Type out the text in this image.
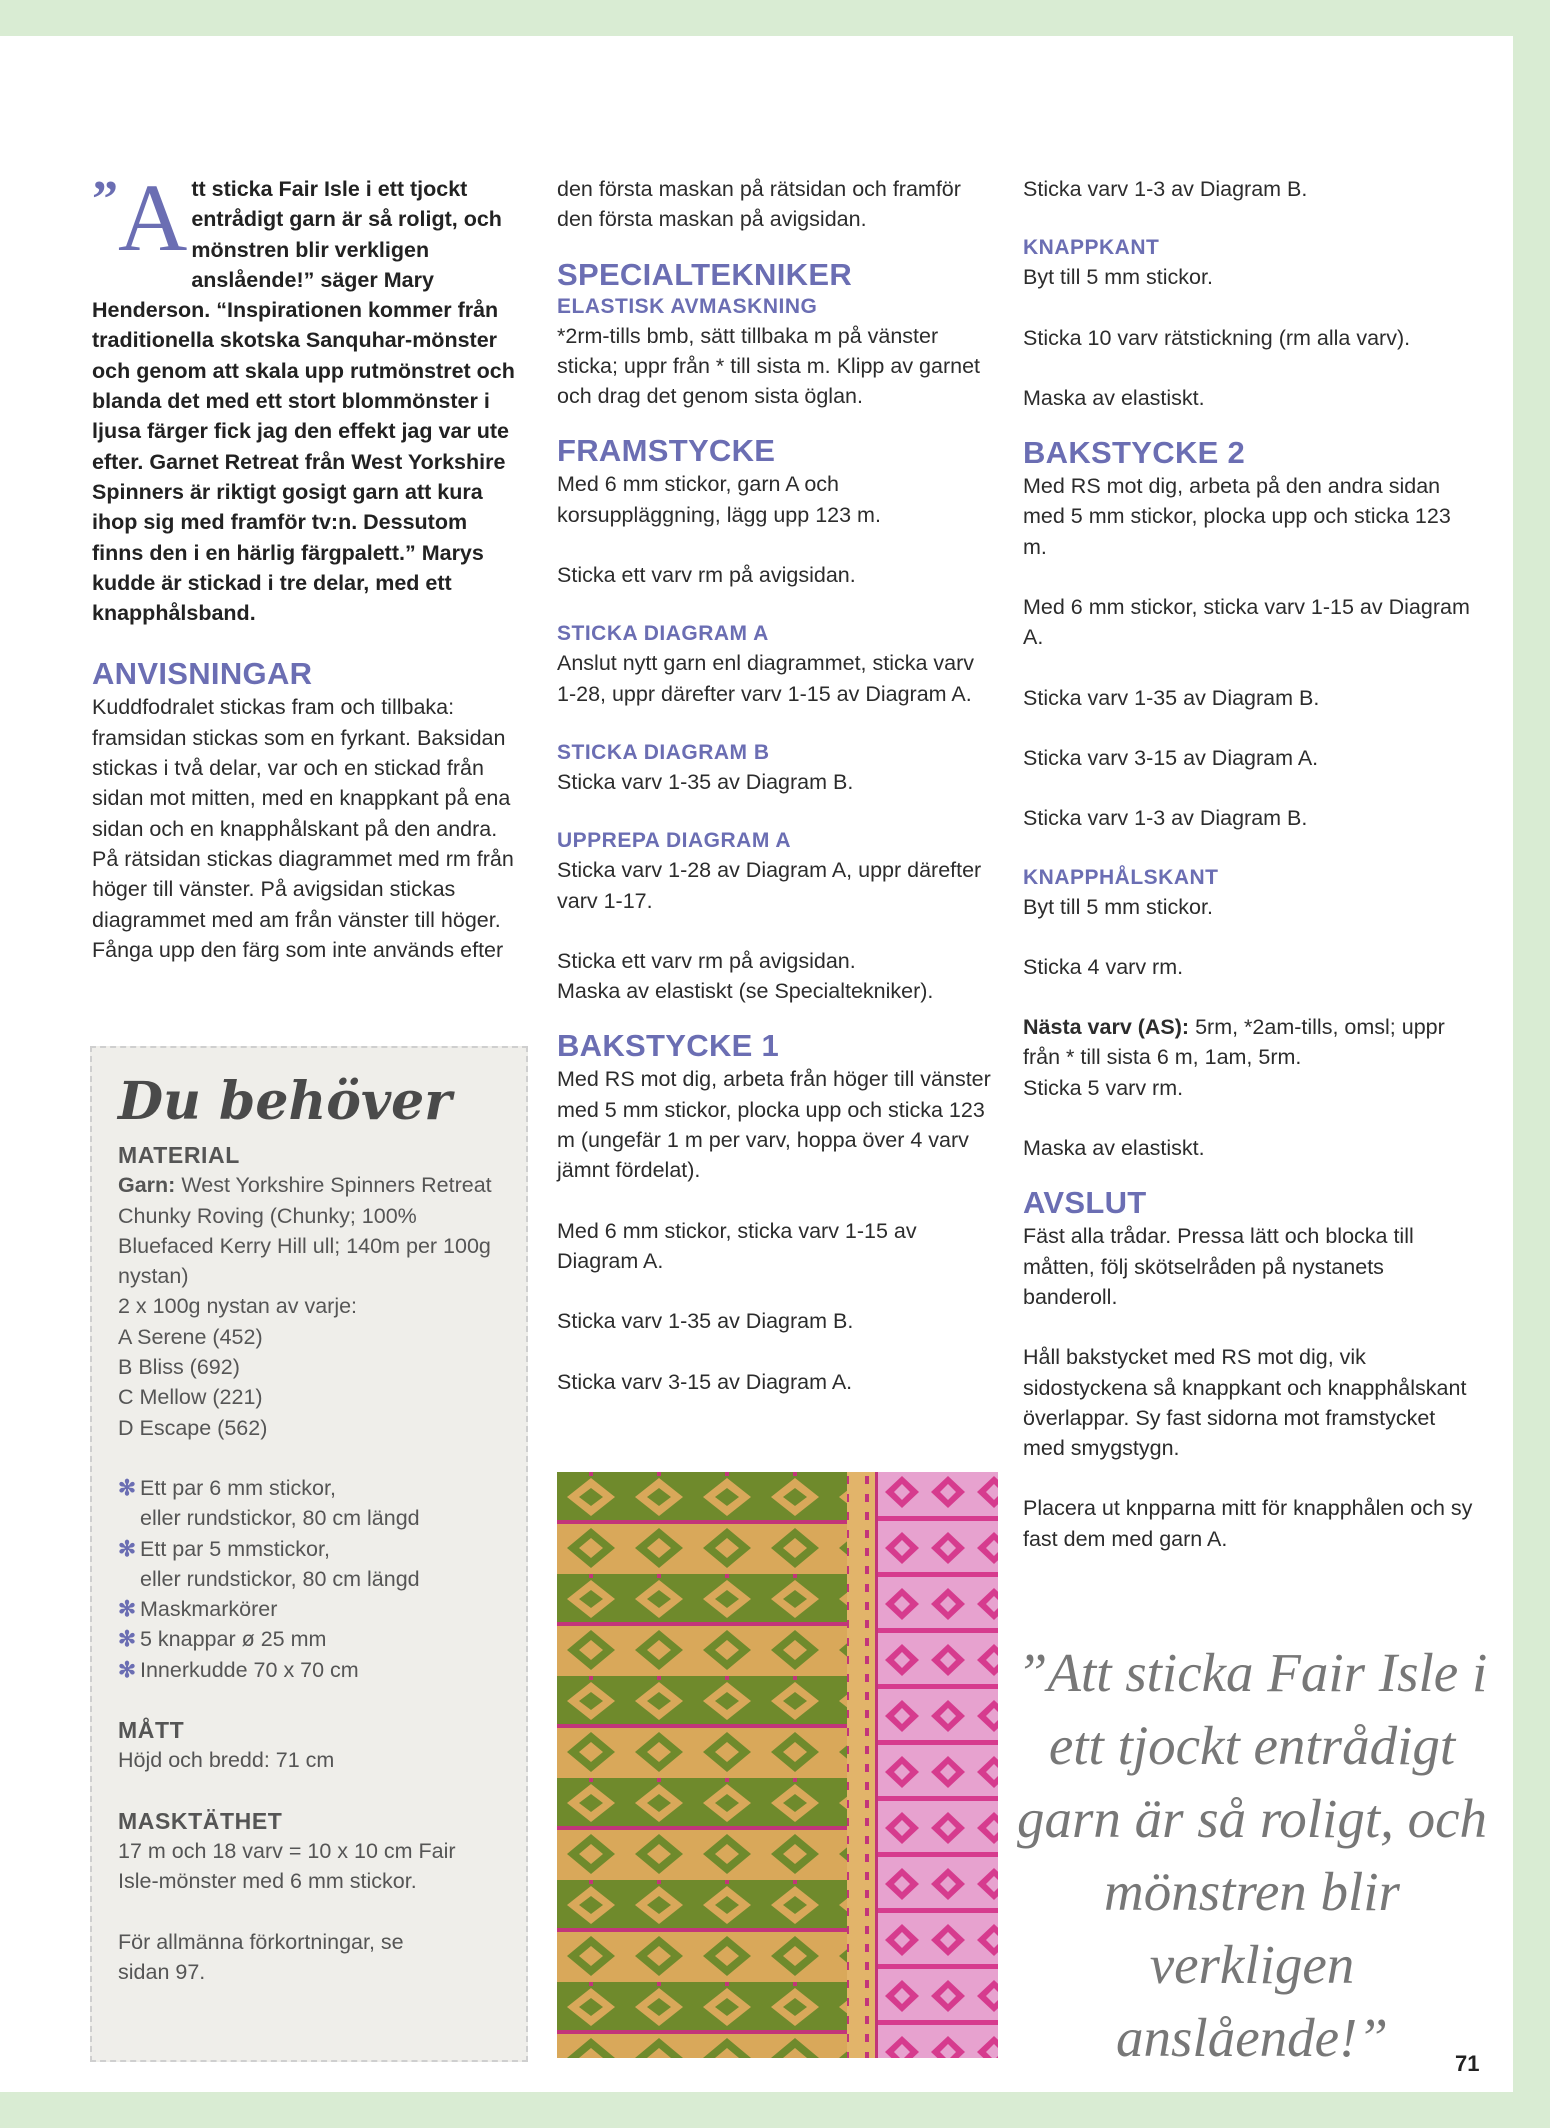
”A tt sticka Fair Isle i ett tjockt entrådigt garn är så roligt, och mönstren blir verkligen anslående!” säger Mary Henderson. “Inspirationen kommer från traditionella skotska Sanquhar-mönster och genom att skala upp rutmönstret och blanda det med ett stort blommönster i ljusa färger fick jag den effekt jag var ute efter. Garnet Retreat från West Yorkshire Spinners är riktigt gosigt garn att kura ihop sig med framför tv:n. Dessutom finns den i en härlig färgpalett.” Marys kudde är stickad i tre delar, med ett knapphålsband.
ANVISNINGAR

Kuddfodralet stickas fram och tillbaka: framsidan stickas som en fyrkant. Baksidan stickas i två delar, var och en stickad från sidan mot mitten, med en knappkant på ena sidan och en knapphålskant på den andra. På rätsidan stickas diagrammet med rm från höger till vänster. På avigsidan stickas diagrammet med am från vänster till höger. Fånga upp den färg som inte används efter

Du behöver
MATERIAL
Garn: West Yorkshire Spinners Retreat Chunky Roving (Chunky; 100% Bluefaced Kerry Hill ull; 140m per 100g nystan)
2 x 100g nystan av varje:
A Serene (452)
B Bliss (692)
C Mellow (221)
D Escape (562)
✻ Ett par 6 mm stickor,
eller rundstickor, 80 cm längd
✻ Ett par 5 mmstickor,
eller rundstickor, 80 cm längd
✻ Maskmarkörer
✻ 5 knappar ø 25 mm
✻ Innerkudde 70 x 70 cm
MÅTT
Höjd och bredd: 71 cm
MASKTÄTHET
17 m och 18 varv = 10 x 10 cm Fair Isle-mönster med 6 mm stickor.
För allmänna förkortningar, se sidan 97.

den första maskan på rätsidan och framför den första maskan på avigsidan.

SPECIALTEKNIKER
ELASTISK AVMASKNING

*2rm-tills bmb, sätt tillbaka m på vänster sticka; uppr från * till sista m. Klipp av garnet och drag det genom sista öglan.

FRAMSTYCKE

Med 6 mm stickor, garn A och korsuppläggning, lägg upp 123 m.

Sticka ett varv rm på avigsidan.

STICKA DIAGRAM A

Anslut nytt garn enl diagrammet, sticka varv 1-28, uppr därefter varv 1-15 av Diagram A.

STICKA DIAGRAM B

Sticka varv 1-35 av Diagram B.

UPPREPA DIAGRAM A

Sticka varv 1-28 av Diagram A, uppr därefter varv 1-17.

Sticka ett varv rm på avigsidan.

Maska av elastiskt (se Specialtekniker).

BAKSTYCKE 1

Med RS mot dig, arbeta från höger till vänster med 5 mm stickor, plocka upp och sticka 123 m (ungefär 1 m per varv, hoppa över 4 varv jämnt fördelat).

Med 6 mm stickor, sticka varv 1-15 av Diagram A.

Sticka varv 1-35 av Diagram B.

Sticka varv 3-15 av Diagram A.

Sticka varv 1-3 av Diagram B.

KNAPPKANT

Byt till 5 mm stickor.

Sticka 10 varv rätstickning (rm alla varv).

Maska av elastiskt.

BAKSTYCKE 2

Med RS mot dig, arbeta på den andra sidan med 5 mm stickor, plocka upp och sticka 123 m.

Med 6 mm stickor, sticka varv 1-15 av Diagram A.

Sticka varv 1-35 av Diagram B.

Sticka varv 3-15 av Diagram A.

Sticka varv 1-3 av Diagram B.

KNAPPHÅLSKANT

Byt till 5 mm stickor.

Sticka 4 varv rm.

Nästa varv (AS): 5rm, *2am-tills, omsl; uppr från * till sista 6 m, 1am, 5rm.
Sticka 5 varv rm.

Maska av elastiskt.

AVSLUT

Fäst alla trådar. Pressa lätt och blocka till måtten, följ skötselråden på nystanets banderoll.

Håll bakstycket med RS mot dig, vik sidostyckena så knappkant och knapphålskant överlappar. Sy fast sidorna mot framstycket med smygstygn.

Placera ut knpparna mitt för knapphålen och sy fast dem med garn A.

”Att sticka Fair Isle i ett tjockt entrådigt garn är så roligt, och mönstren blir verkligen anslående!”	71
